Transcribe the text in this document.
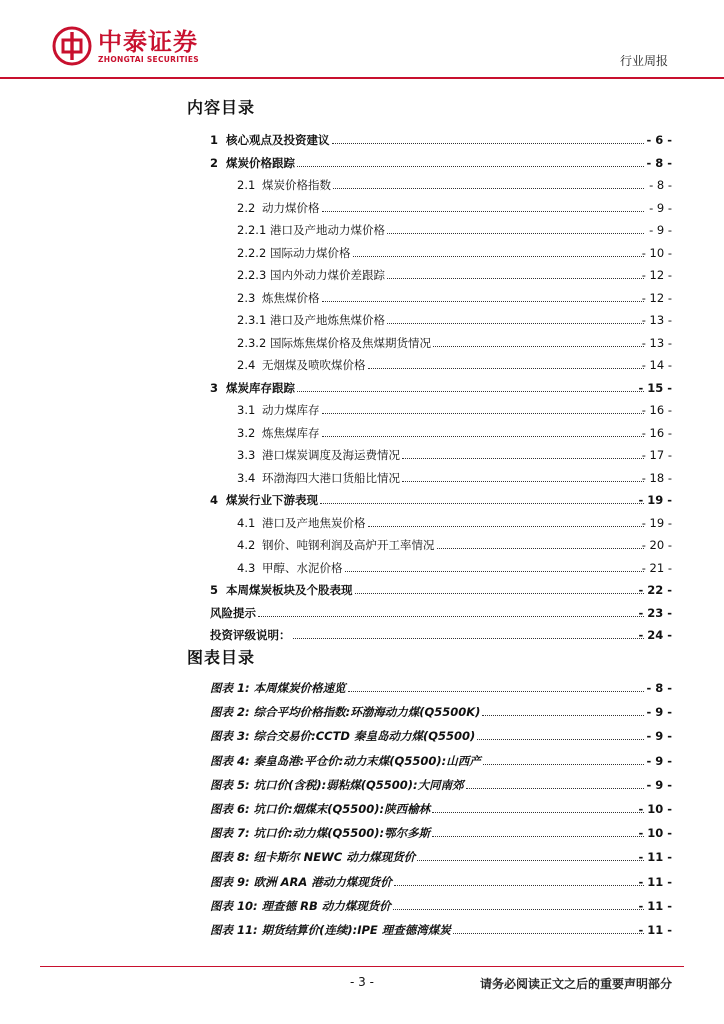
中泰证券
ZHONGTAI SECURITIES	行业周报
内容目录
1 核心观点及投资建议	- 6 -
2 煤炭价格跟踪	- 8 -
2.1 煤炭价格指数	- 8 -
2.2 动力煤价格	- 9 -
2.2.1 港口及产地动力煤价格	- 9 -
2.2.2 国际动力煤价格	- 10 -
2.2.3 国内外动力煤价差跟踪	- 12 -
2.3 炼焦煤价格	- 12 -
2.3.1 港口及产地炼焦煤价格	- 13 -
2.3.2 国际炼焦煤价格及焦煤期货情况	- 13 -
2.4 无烟煤及喷吹煤价格	- 14 -
3 煤炭库存跟踪	- 15 -
3.1 动力煤库存	- 16 -
3.2 炼焦煤库存	- 16 -
3.3 港口煤炭调度及海运费情况	- 17 -
3.4 环渤海四大港口货船比情况	- 18 -
4 煤炭行业下游表现	- 19 -
4.1 港口及产地焦炭价格	- 19 -
4.2 钢价、吨钢利润及高炉开工率情况	- 20 -
4.3 甲醇、水泥价格	- 21 -
5 本周煤炭板块及个股表现	- 22 -
风险提示	- 23 -
投资评级说明：	- 24 -
图表目录
图表 1: 本周煤炭价格速览	- 8 -
图表 2: 综合平均价格指数:环渤海动力煤(Q5500K)	- 9 -
图表 3: 综合交易价:CCTD 秦皇岛动力煤(Q5500)	- 9 -
图表 4: 秦皇岛港:平仓价:动力末煤(Q5500):山西产	- 9 -
图表 5: 坑口价(含税):弱粘煤(Q5500):大同南郊	- 9 -
图表 6: 坑口价:烟煤末(Q5500):陕西榆林	- 10 -
图表 7: 坑口价:动力煤(Q5500):鄂尔多斯	- 10 -
图表 8: 纽卡斯尔 NEWC 动力煤现货价	- 11 -
图表 9: 欧洲 ARA 港动力煤现货价	- 11 -
图表 10: 理查德 RB 动力煤现货价	- 11 -
图表 11: 期货结算价(连续):IPE 理查德湾煤炭	- 11 -
- 3 -	请务必阅读正文之后的重要声明部分
